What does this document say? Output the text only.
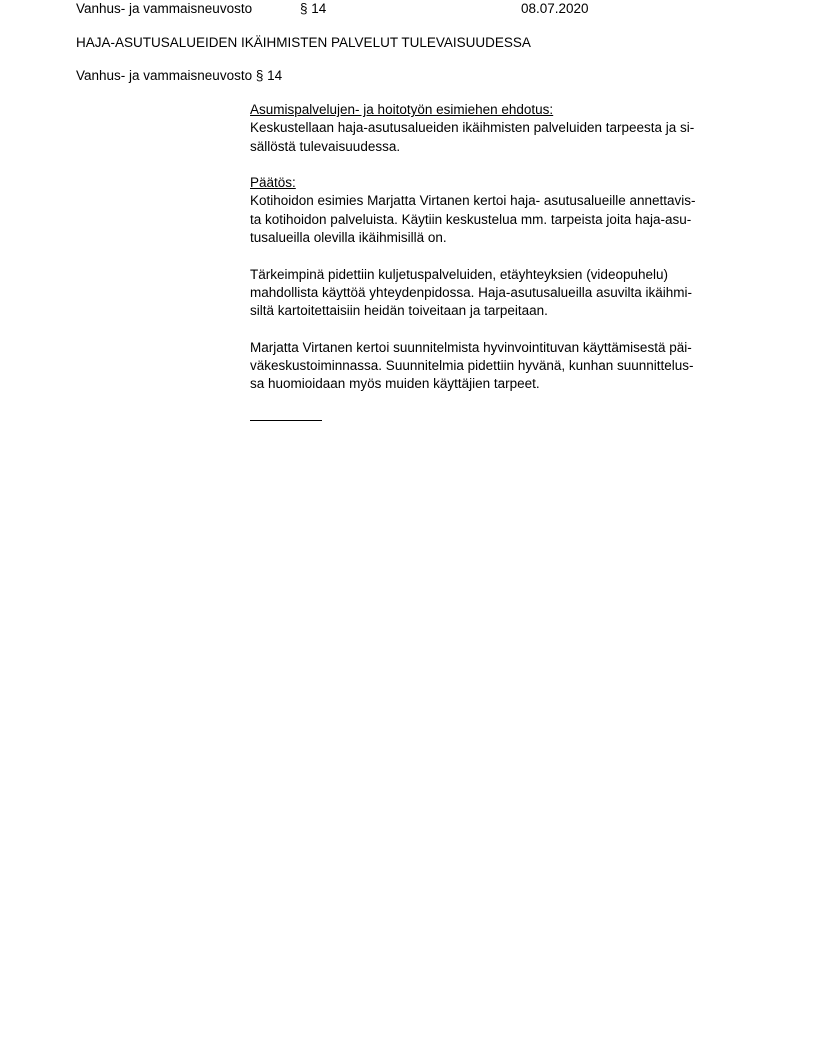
Vanhus- ja vammaisneuvosto	§ 14	08.07.2020
HAJA-ASUTUSALUEIDEN IKÄIHMISTEN PALVELUT TULEVAISUUDESSA
Vanhus- ja vammaisneuvosto § 14
Asumispalvelujen- ja hoitotyön esimiehen ehdotus:
Keskustellaan haja-asutusalueiden ikäihmisten palveluiden tarpeesta ja si-
sällöstä tulevaisuudessa.
Päätös:
Kotihoidon esimies Marjatta Virtanen kertoi haja- asutusalueille annettavis-
ta kotihoidon palveluista. Käytiin keskustelua mm. tarpeista joita haja-asu-
tusalueilla olevilla ikäihmisillä on.
Tärkeimpinä pidettiin kuljetuspalveluiden, etäyhteyksien (videopuhelu)
mahdollista käyttöä yhteydenpidossa. Haja-asutusalueilla asuvilta ikäihmi-
siltä kartoitettaisiin heidän toiveitaan ja tarpeitaan.
Marjatta Virtanen kertoi suunnitelmista hyvinvointituvan käyttämisestä päi-
väkeskustoiminnassa. Suunnitelmia pidettiin hyvänä, kunhan suunnittelus-
sa huomioidaan myös muiden käyttäjien tarpeet.
